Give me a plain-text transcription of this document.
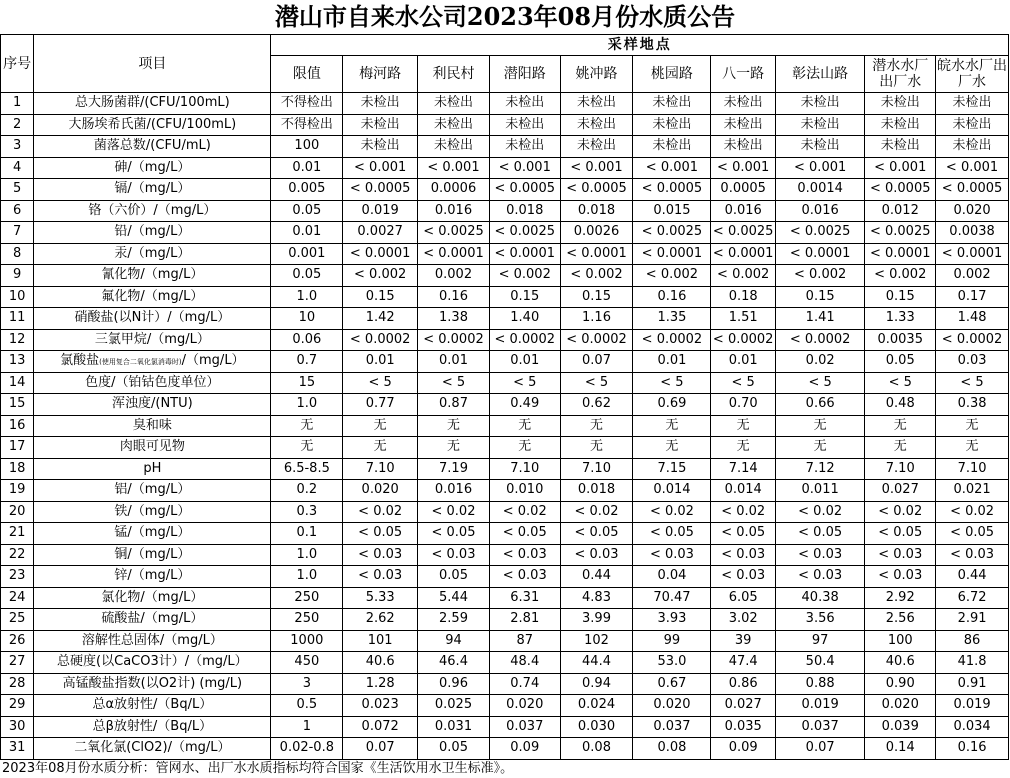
潜山市自来水公司2023年08月份水质公告
序号	项目	采样地点									
		限值	梅河路	利民村	潜阳路	姚冲路	桃园路	八一路	彰法山路	潜水水厂出厂水	皖水水厂出厂水
1	总大肠菌群/(CFU/100mL)	不得检出	未检出	未检出	未检出	未检出	未检出	未检出	未检出	未检出	未检出
2	大肠埃希氏菌/(CFU/100mL)	不得检出	未检出	未检出	未检出	未检出	未检出	未检出	未检出	未检出	未检出
3	菌落总数/(CFU/mL)	100	未检出	未检出	未检出	未检出	未检出	未检出	未检出	未检出	未检出
4	砷/（mg/L）	0.01	< 0.001	< 0.001	< 0.001	< 0.001	< 0.001	< 0.001	< 0.001	< 0.001	< 0.001
5	镉/（mg/L）	0.005	< 0.0005	0.0006	< 0.0005	< 0.0005	< 0.0005	0.0005	0.0014	< 0.0005	< 0.0005
6	铬（六价）/（mg/L）	0.05	0.019	0.016	0.018	0.018	0.015	0.016	0.016	0.012	0.020
7	铅/（mg/L）	0.01	0.0027	< 0.0025	< 0.0025	0.0026	< 0.0025	< 0.0025	< 0.0025	< 0.0025	0.0038
8	汞/（mg/L）	0.001	< 0.0001	< 0.0001	< 0.0001	< 0.0001	< 0.0001	< 0.0001	< 0.0001	< 0.0001	< 0.0001
9	氰化物/（mg/L）	0.05	< 0.002	0.002	< 0.002	< 0.002	< 0.002	< 0.002	< 0.002	< 0.002	0.002
10	氟化物/（mg/L）	1.0	0.15	0.16	0.15	0.15	0.16	0.18	0.15	0.15	0.17
11	硝酸盐(以N计）/（mg/L）	10	1.42	1.38	1.40	1.16	1.35	1.51	1.41	1.33	1.48
12	三氯甲烷/（mg/L）	0.06	< 0.0002	< 0.0002	< 0.0002	< 0.0002	< 0.0002	< 0.0002	< 0.0002	0.0035	< 0.0002
13	氯酸盐(使用复合二氧化氯消毒时)/（mg/L）	0.7	0.01	0.01	0.01	0.07	0.01	0.01	0.02	0.05	0.03
14	色度/（铂钴色度单位）	15	< 5	< 5	< 5	< 5	< 5	< 5	< 5	< 5	< 5
15	浑浊度/(NTU)	1.0	0.77	0.87	0.49	0.62	0.69	0.70	0.66	0.48	0.38
16	臭和味	无	无	无	无	无	无	无	无	无	无
17	肉眼可见物	无	无	无	无	无	无	无	无	无	无
18	pH	6.5-8.5	7.10	7.19	7.10	7.10	7.15	7.14	7.12	7.10	7.10
19	铝/（mg/L）	0.2	0.020	0.016	0.010	0.018	0.014	0.014	0.011	0.027	0.021
20	铁/（mg/L）	0.3	< 0.02	< 0.02	< 0.02	< 0.02	< 0.02	< 0.02	< 0.02	< 0.02	< 0.02
21	锰/（mg/L）	0.1	< 0.05	< 0.05	< 0.05	< 0.05	< 0.05	< 0.05	< 0.05	< 0.05	< 0.05
22	铜/（mg/L）	1.0	< 0.03	< 0.03	< 0.03	< 0.03	< 0.03	< 0.03	< 0.03	< 0.03	< 0.03
23	锌/（mg/L）	1.0	< 0.03	0.05	< 0.03	0.44	0.04	< 0.03	< 0.03	< 0.03	0.44
24	氯化物/（mg/L）	250	5.33	5.44	6.31	4.83	70.47	6.05	40.38	2.92	6.72
25	硫酸盐/（mg/L）	250	2.62	2.59	2.81	3.99	3.93	3.02	3.56	2.56	2.91
26	溶解性总固体/（mg/L）	1000	101	94	87	102	99	39	97	100	86
27	总硬度(以CaCO3计）/（mg/L）	450	40.6	46.4	48.4	44.4	53.0	47.4	50.4	40.6	41.8
28	高锰酸盐指数(以O2计) (mg/L)	3	1.28	0.96	0.74	0.94	0.67	0.86	0.88	0.90	0.91
29	总α放射性/（Bq/L）	0.5	0.023	0.025	0.020	0.024	0.020	0.027	0.019	0.020	0.019
30	总β放射性/（Bq/L）	1	0.072	0.031	0.037	0.030	0.037	0.035	0.037	0.039	0.034
31	二氧化氯(ClO2)/（mg/L）	0.02-0.8	0.07	0.05	0.09	0.08	0.08	0.09	0.07	0.14	0.16
2023年08月份水质分析：管网水、出厂水水质指标均符合国家《生活饮用水卫生标准》。
